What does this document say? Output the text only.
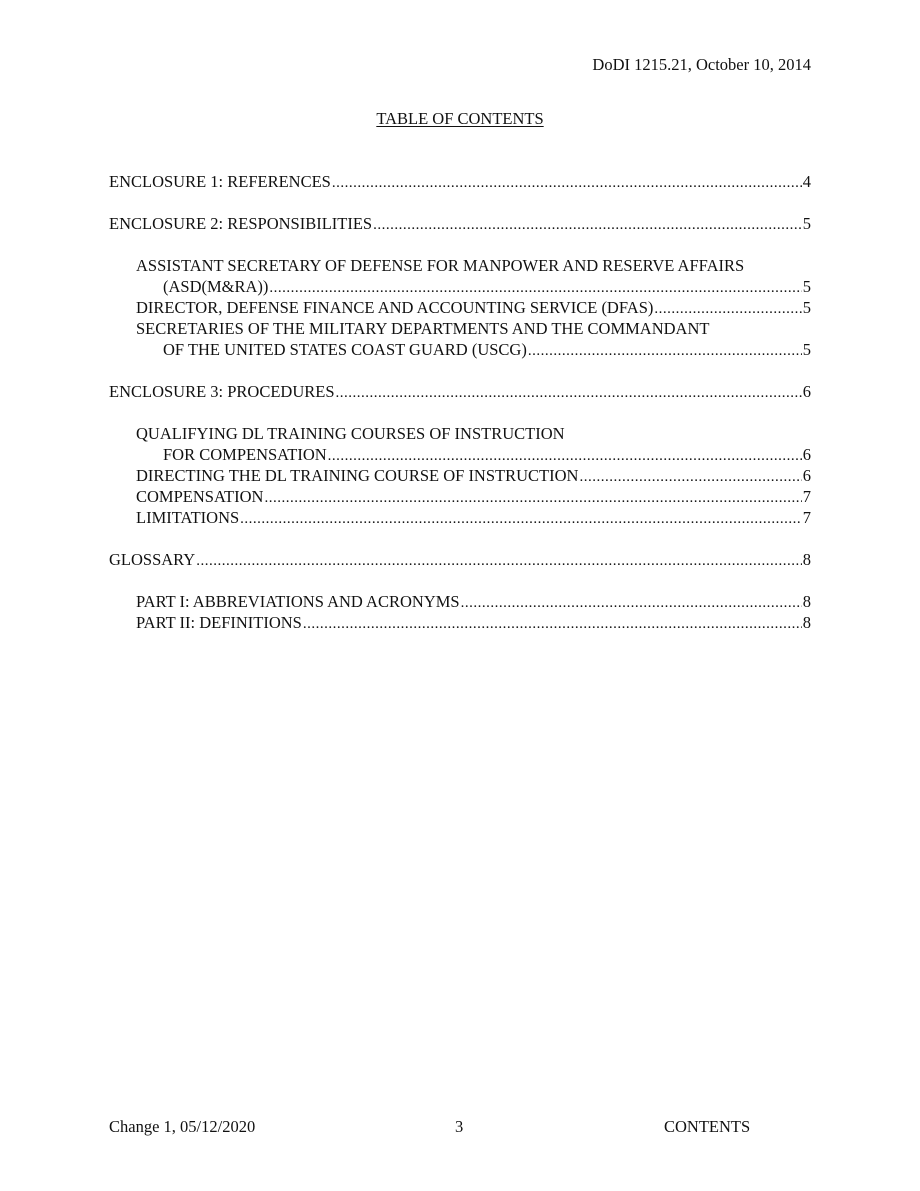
DoDI 1215.21, October 10, 2014
TABLE OF CONTENTS
ENCLOSURE 1: REFERENCES .....	4
ENCLOSURE 2: RESPONSIBILITIES .....	5
ASSISTANT SECRETARY OF DEFENSE FOR MANPOWER AND RESERVE AFFAIRS
(ASD(M&RA)) .....	5
DIRECTOR, DEFENSE FINANCE AND ACCOUNTING SERVICE (DFAS) .....	5
SECRETARIES OF THE MILITARY DEPARTMENTS AND THE COMMANDANT
OF THE UNITED STATES COAST GUARD (USCG) .....	5
ENCLOSURE 3: PROCEDURES .....	6
QUALIFYING DL TRAINING COURSES OF INSTRUCTION
FOR COMPENSATION .....	6
DIRECTING THE DL TRAINING COURSE OF INSTRUCTION .....	6
COMPENSATION .....	7
LIMITATIONS .....	7
GLOSSARY .....	8
PART I: ABBREVIATIONS AND ACRONYMS .....	8
PART II: DEFINITIONS .....	8
Change 1, 05/12/2020	3	CONTENTS
